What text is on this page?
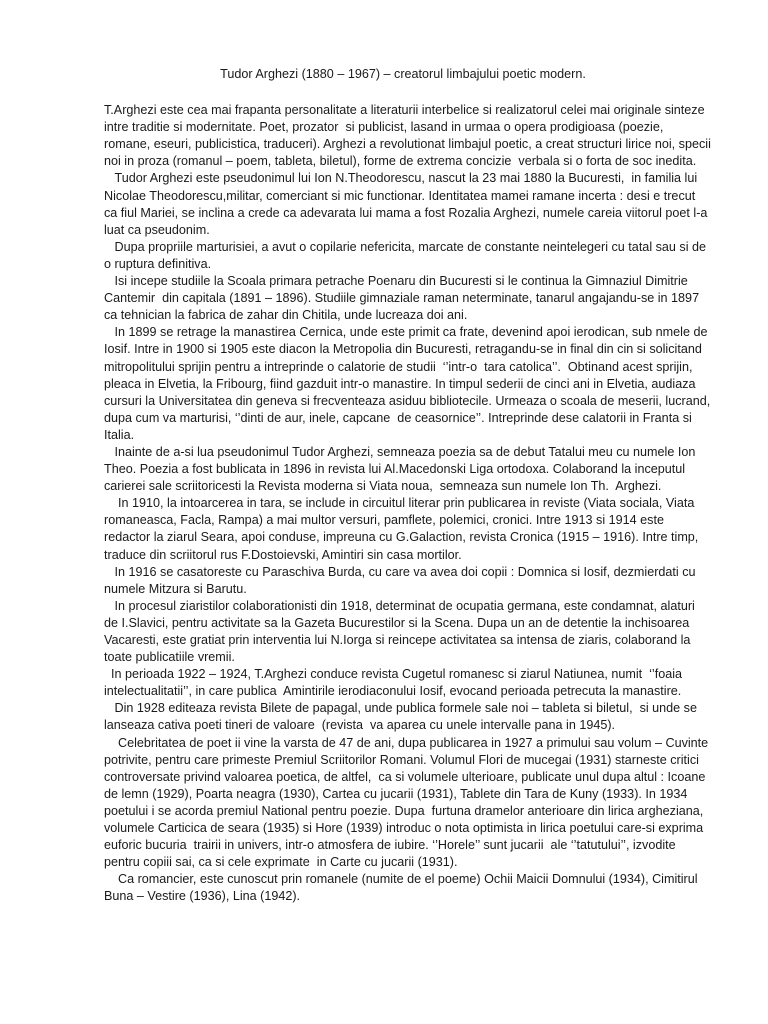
Tudor Arghezi (1880 – 1967) – creatorul limbajului poetic modern.

T.Arghezi este cea mai frapanta personalitate a literaturii interbelice si realizatorul celei mai originale sinteze intre traditie si modernitate. Poet, prozator  si publicist, lasand in urmaa o opera prodigioasa (poezie, romane, eseuri, publicistica, traduceri). Arghezi a revolutionat limbajul poetic, a creat structuri lirice noi, specii noi in proza (romanul – poem, tableta, biletul), forme de extrema concizie  verbala si o forta de soc inedita.

Tudor Arghezi este pseudonimul lui Ion N.Theodorescu, nascut la 23 mai 1880 la Bucuresti,  in familia lui Nicolae Theodorescu,militar, comerciant si mic functionar. Identitatea mamei ramane incerta : desi e trecut ca fiul Mariei, se inclina a crede ca adevarata lui mama a fost Rozalia Arghezi, numele careia viitorul poet l-a luat ca pseudonim.

Dupa propriile marturisiei, a avut o copilarie nefericita, marcate de constante neintelegeri cu tatal sau si de o ruptura definitiva.

Isi incepe studiile la Scoala primara petrache Poenaru din Bucuresti si le continua la Gimnaziul Dimitrie Cantemir  din capitala (1891 – 1896). Studiile gimnaziale raman neterminate, tanarul angajandu-se in 1897 ca tehnician la fabrica de zahar din Chitila, unde lucreaza doi ani.

In 1899 se retrage la manastirea Cernica, unde este primit ca frate, devenind apoi ierodican, sub nmele de Iosif. Intre in 1900 si 1905 este diacon la Metropolia din Bucuresti, retragandu-se in final din cin si solicitand mitropolitului sprijin pentru a intreprinde o calatorie de studii  ‘’intr-o  tara catolica’’.  Obtinand acest sprijin, pleaca in Elvetia, la Fribourg, fiind gazduit intr-o manastire. In timpul sederii de cinci ani in Elvetia, audiaza cursuri la Universitatea din geneva si frecventeaza asiduu bibliotecile. Urmeaza o scoala de meserii, lucrand, dupa cum va marturisi, ‘’dinti de aur, inele, capcane  de ceasornice’’. Intreprinde dese calatorii in Franta si Italia.

Inainte de a-si lua pseudonimul Tudor Arghezi, semneaza poezia sa de debut Tatalui meu cu numele Ion Theo. Poezia a fost bublicata in 1896 in revista lui Al.Macedonski Liga ortodoxa. Colaborand la inceputul carierei sale scriitoricesti la Revista moderna si Viata noua,  semneaza sun numele Ion Th.  Arghezi.

In 1910, la intoarcerea in tara, se include in circuitul literar prin publicarea in reviste (Viata sociala, Viata romaneasca, Facla, Rampa) a mai multor versuri, pamflete, polemici, cronici. Intre 1913 si 1914 este redactor la ziarul Seara, apoi conduse, impreuna cu G.Galaction, revista Cronica (1915 – 1916). Intre timp, traduce din scriitorul rus F.Dostoievski, Amintiri sin casa mortilor.

In 1916 se casatoreste cu Paraschiva Burda, cu care va avea doi copii : Domnica si Iosif, dezmierdati cu numele Mitzura si Barutu.

In procesul ziaristilor colaborationisti din 1918, determinat de ocupatia germana, este condamnat, alaturi de I.Slavici, pentru activitate sa la Gazeta Bucurestilor si la Scena. Dupa un an de detentie la inchisoarea Vacaresti, este gratiat prin interventia lui N.Iorga si reincepe activitatea sa intensa de ziaris, colaborand la toate publicatiile vremii.

In perioada 1922 – 1924, T.Arghezi conduce revista Cugetul romanesc si ziarul Natiunea, numit  ‘’foaia intelectualitatii’’, in care publica  Amintirile ierodiaconului Iosif, evocand perioada petrecuta la manastire.

Din 1928 editeaza revista Bilete de papagal, unde publica formele sale noi – tableta si biletul,  si unde se lanseaza cativa poeti tineri de valoare  (revista  va aparea cu unele intervalle pana in 1945).

Celebritatea de poet ii vine la varsta de 47 de ani, dupa publicarea in 1927 a primului sau volum – Cuvinte potrivite, pentru care primeste Premiul Scriitorilor Romani. Volumul Flori de mucegai (1931) starneste critici controversate privind valoarea poetica, de altfel,  ca si volumele ulterioare, publicate unul dupa altul : Icoane de lemn (1929), Poarta neagra (1930), Cartea cu jucarii (1931), Tablete din Tara de Kuny (1933). In 1934 poetului i se acorda premiul National pentru poezie. Dupa  furtuna dramelor anterioare din lirica argheziana, volumele Carticica de seara (1935) si Hore (1939) introduc o nota optimista in lirica poetului care-si exprima euforic bucuria  trairii in univers, intr-o atmosfera de iubire. ‘’Horele’’ sunt jucarii  ale ‘’tatutului’’, izvodite pentru copiii sai, ca si cele exprimate  in Carte cu jucarii (1931).

Ca romancier, este cunoscut prin romanele (numite de el poeme) Ochii Maicii Domnului (1934), Cimitirul Buna – Vestire (1936), Lina (1942).
